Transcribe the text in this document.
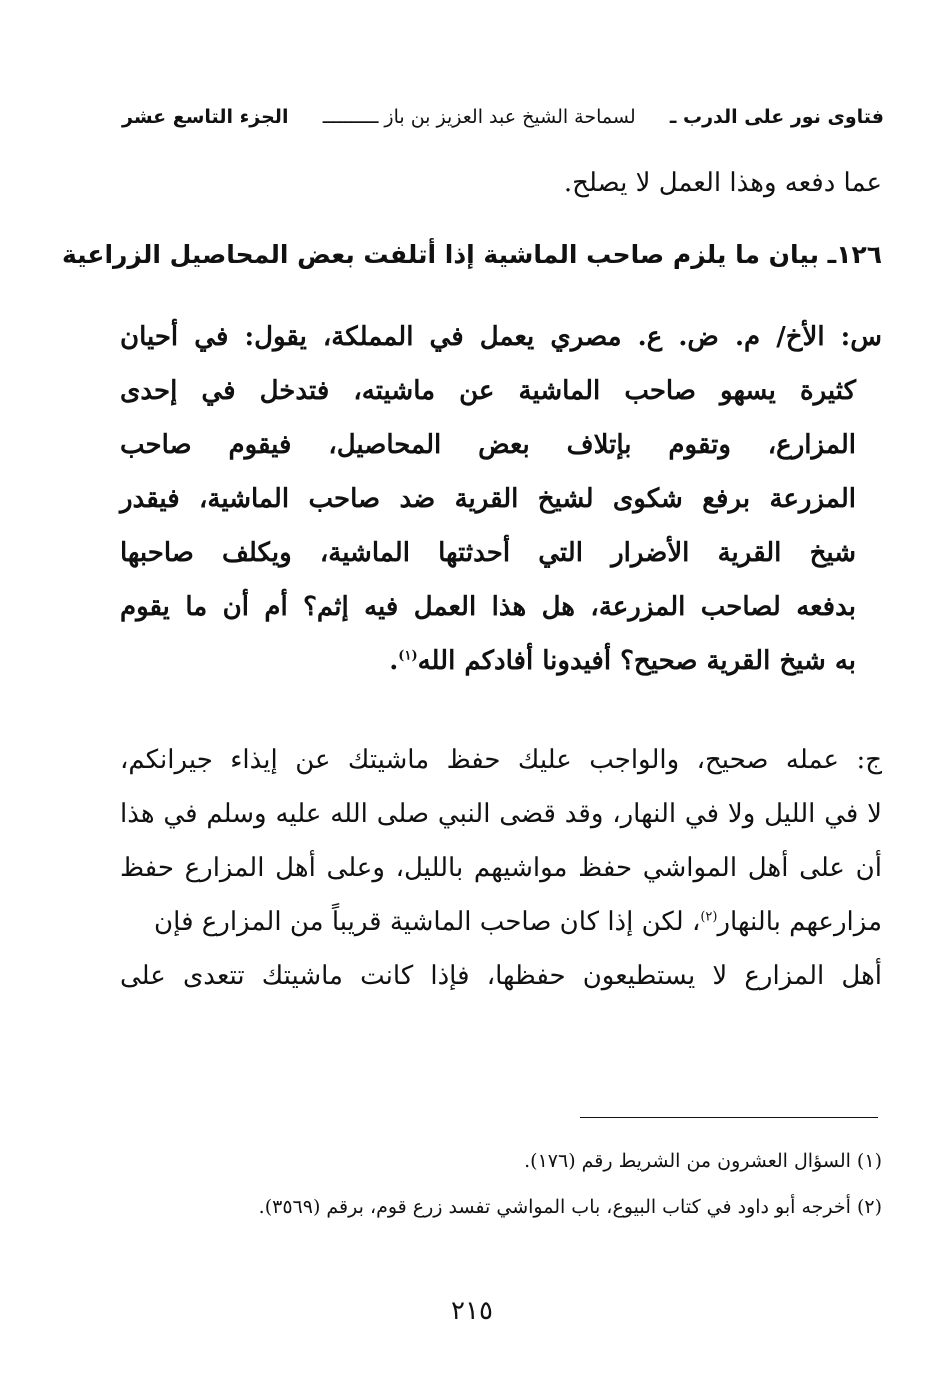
فتاوى نور على الدرب ـ
لسماحة الشيخ عبد العزيز بن باز ــــــــــ
الجزء التاسع عشر
عما دفعه وهذا العمل لا يصلح.
١٢٦ـ بيان ما يلزم صاحب الماشية إذا أتلفت بعض المحاصيل الزراعية
س: الأخ/ م. ض. ع. مصري يعمل في المملكة، يقول: في أحيان
كثيرة يسهو صاحب الماشية عن ماشيته، فتدخل في إحدى
المزارع، وتقوم بإتلاف بعض المحاصيل، فيقوم صاحب
المزرعة برفع شكوى لشيخ القرية ضد صاحب الماشية، فيقدر
شيخ القرية الأضرار التي أحدثتها الماشية، ويكلف صاحبها
بدفعه لصاحب المزرعة، هل هذا العمل فيه إثم؟ أم أن ما يقوم
به شيخ القرية صحيح؟ أفيدونا أفادكم الله$^{(١)}$.
ج: عمله صحيح، والواجب عليك حفظ ماشيتك عن إيذاء جيرانكم،
لا في الليل ولا في النهار، وقد قضى النبي صلى الله عليه وسلم في هذا
أن على أهل المواشي حفظ مواشيهم بالليل، وعلى أهل المزارع حفظ
مزارعهم بالنهار$^{(٢)}$، لكن إذا كان صاحب الماشية قريباً من المزارع فإن
أهل المزارع لا يستطيعون حفظها، فإذا كانت ماشيتك تتعدى على
(١) السؤال العشرون من الشريط رقم (١٧٦).
(٢) أخرجه أبو داود في كتاب البيوع، باب المواشي تفسد زرع قوم، برقم (٣٥٦٩).
٢١٥
